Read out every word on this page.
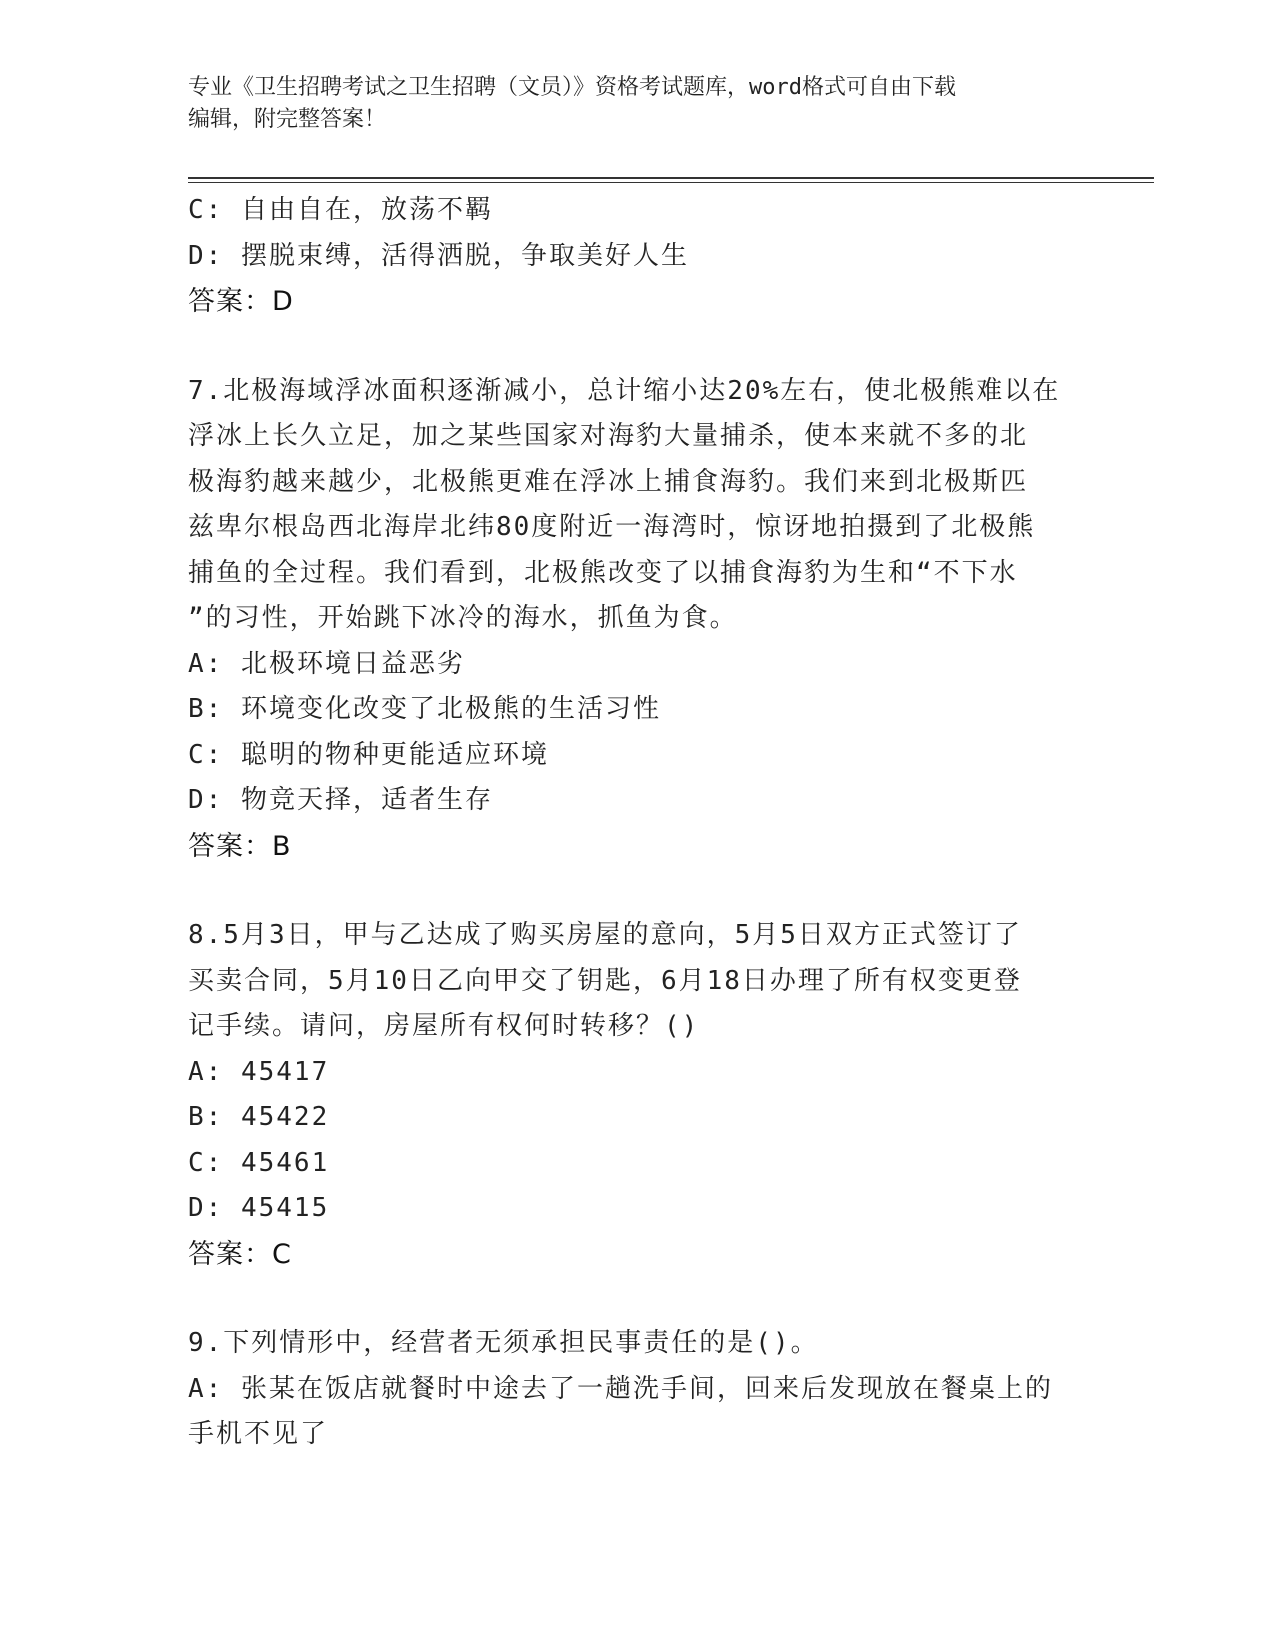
专业《卫生招聘考试之卫生招聘（文员）》资格考试题库，word格式可自由下载
编辑，附完整答案！
C: 自由自在，放荡不羁
D: 摆脱束缚，活得洒脱，争取美好人生
答案：D
7.北极海域浮冰面积逐渐减小，总计缩小达20%左右，使北极熊难以在
浮冰上长久立足，加之某些国家对海豹大量捕杀，使本来就不多的北
极海豹越来越少，北极熊更难在浮冰上捕食海豹。我们来到北极斯匹
兹卑尔根岛西北海岸北纬80度附近一海湾时，惊讶地拍摄到了北极熊
捕鱼的全过程。我们看到，北极熊改变了以捕食海豹为生和“不下水
”的习性，开始跳下冰冷的海水，抓鱼为食。
A: 北极环境日益恶劣
B: 环境变化改变了北极熊的生活习性
C: 聪明的物种更能适应环境
D: 物竞天择，适者生存
答案：B
8.5月3日，甲与乙达成了购买房屋的意向，5月5日双方正式签订了
买卖合同，5月10日乙向甲交了钥匙，6月18日办理了所有权变更登
记手续。请问，房屋所有权何时转移？()
A: 45417
B: 45422
C: 45461
D: 45415
答案：C
9.下列情形中，经营者无须承担民事责任的是()。
A: 张某在饭店就餐时中途去了一趟洗手间，回来后发现放在餐桌上的
手机不见了
